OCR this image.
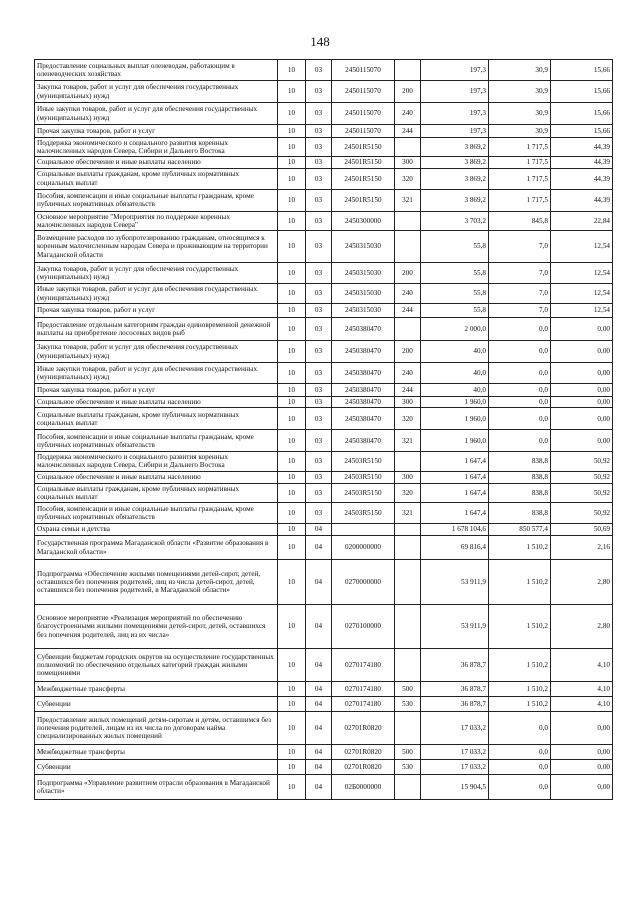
148
Предоставление социальных выплат оленеводам, работающим в оленеводческих хозяйствах	10	03	2450115070		197,3	30,9	15,66
Закупка товаров, работ и услуг для обеспечения государственных (муниципальных) нужд	10	03	2450115070	200	197,3	30,9	15,66
Иные закупки товаров, работ и услуг для обеспечения государственных (муниципальных) нужд	10	03	2450115070	240	197,3	30,9	15,66
Прочая закупка товаров, работ и услуг	10	03	2450115070	244	197,3	30,9	15,66
Поддержка экономического и социального развития коренных малочисленных народов Севера, Сибири и Дальнего Востока	10	03	24501R5150		3 869,2	1 717,5	44,39
Социальное обеспечение и иные выплаты населению	10	03	24501R5150	300	3 869,2	1 717,5	44,39
Социальные выплаты гражданам, кроме публичных нормативных социальных выплат	10	03	24501R5150	320	3 869,2	1 717,5	44,39
Пособия, компенсации и иные социальные выплаты гражданам, кроме публичных нормативных обязательств	10	03	24501R5150	321	3 869,2	1 717,5	44,39
Основное мероприятие "Мероприятия по поддержке коренных малочисленных народов Севера"	10	03	2450300000		3 703,2	845,8	22,84
Возмещение расходов по зубопротезированию гражданам, относящимся к коренным малочисленным народам Севера и проживающим на территории Магаданской области	10	03	2450315030		55,8	7,0	12,54
Закупка товаров, работ и услуг для обеспечения государственных (муниципальных) нужд	10	03	2450315030	200	55,8	7,0	12,54
Иные закупки товаров, работ и услуг для обеспечения государственных (муниципальных) нужд	10	03	2450315030	240	55,8	7,0	12,54
Прочая закупка товаров, работ и услуг	10	03	2450315030	244	55,8	7,0	12,54
Предоставление отдельным категориям граждан единовременной денежной выплаты на приобретение лососевых видов рыб	10	03	2450380470		2 000,0	0,0	0,00
Закупка товаров, работ и услуг для обеспечения государственных (муниципальных) нужд	10	03	2450380470	200	40,0	0,0	0,00
Иные закупки товаров, работ и услуг для обеспечения государственных (муниципальных) нужд	10	03	2450380470	240	40,0	0,0	0,00
Прочая закупка товаров, работ и услуг	10	03	2450380470	244	40,0	0,0	0,00
Социальное обеспечение и иные выплаты населению	10	03	2450380470	300	1 960,0	0,0	0,00
Социальные выплаты гражданам, кроме публичных нормативных социальных выплат	10	03	2450380470	320	1 960,0	0,0	0,00
Пособия, компенсации и иные социальные выплаты гражданам, кроме публичных нормативных обязательств	10	03	2450380470	321	1 960,0	0,0	0,00
Поддержка экономического и социального развития коренных малочисленных народов Севера, Сибири и Дальнего Востока	10	03	24503R5150		1 647,4	838,8	50,92
Социальное обеспечение и иные выплаты населению	10	03	24503R5150	300	1 647,4	838,8	50,92
Социальные выплаты гражданам, кроме публичных нормативных социальных выплат	10	03	24503R5150	320	1 647,4	838,8	50,92
Пособия, компенсации и иные социальные выплаты гражданам, кроме публичных нормативных обязательств	10	03	24503R5150	321	1 647,4	838,8	50,92
Охрана семьи и детства	10	04			1 678 104,6	850 577,4	50,69
Государственная программа Магаданской области «Развитие образования в Магаданской области»	10	04	0200000000		69 816,4	1 510,2	2,16
Подпрограмма «Обеспечение жилыми помещениями детей-сирот, детей, оставшихся без попечения родителей, лиц из числа детей-сирот, детей, оставшихся без попечения родителей, в Магаданской области»	10	04	0270000000		53 911,9	1 510,2	2,80
Основное мероприятие «Реализация мероприятий по обеспечению благоустроенными жилыми помещениями детей-сирот, детей, оставшихся без попечения родителей, лиц из их числа»	10	04	0270100000		53 911,9	1 510,2	2,80
Субвенции бюджетам городских округов на осуществление государственных полномочий по обеспечению отдельных категорий граждан жилыми помещениями	10	04	0270174180		36 878,7	1 510,2	4,10
Межбюджетные трансферты	10	04	0270174180	500	36 878,7	1 510,2	4,10
Субвенции	10	04	0270174180	530	36 878,7	1 510,2	4,10
Предоставление жилых помещений детям-сиротам и детям, оставшимся без попечения родителей, лицам из их числа по договорам найма специализированных жилых помещений	10	04	02701R0820		17 033,2	0,0	0,00
Межбюджетные трансферты	10	04	02701R0820	500	17 033,2	0,0	0,00
Субвенции	10	04	02701R0820	530	17 033,2	0,0	0,00
Подпрограмма «Управление развитием отрасли образования в Магаданской области»	10	04	02Б0000000		15 904,5	0,0	0,00
